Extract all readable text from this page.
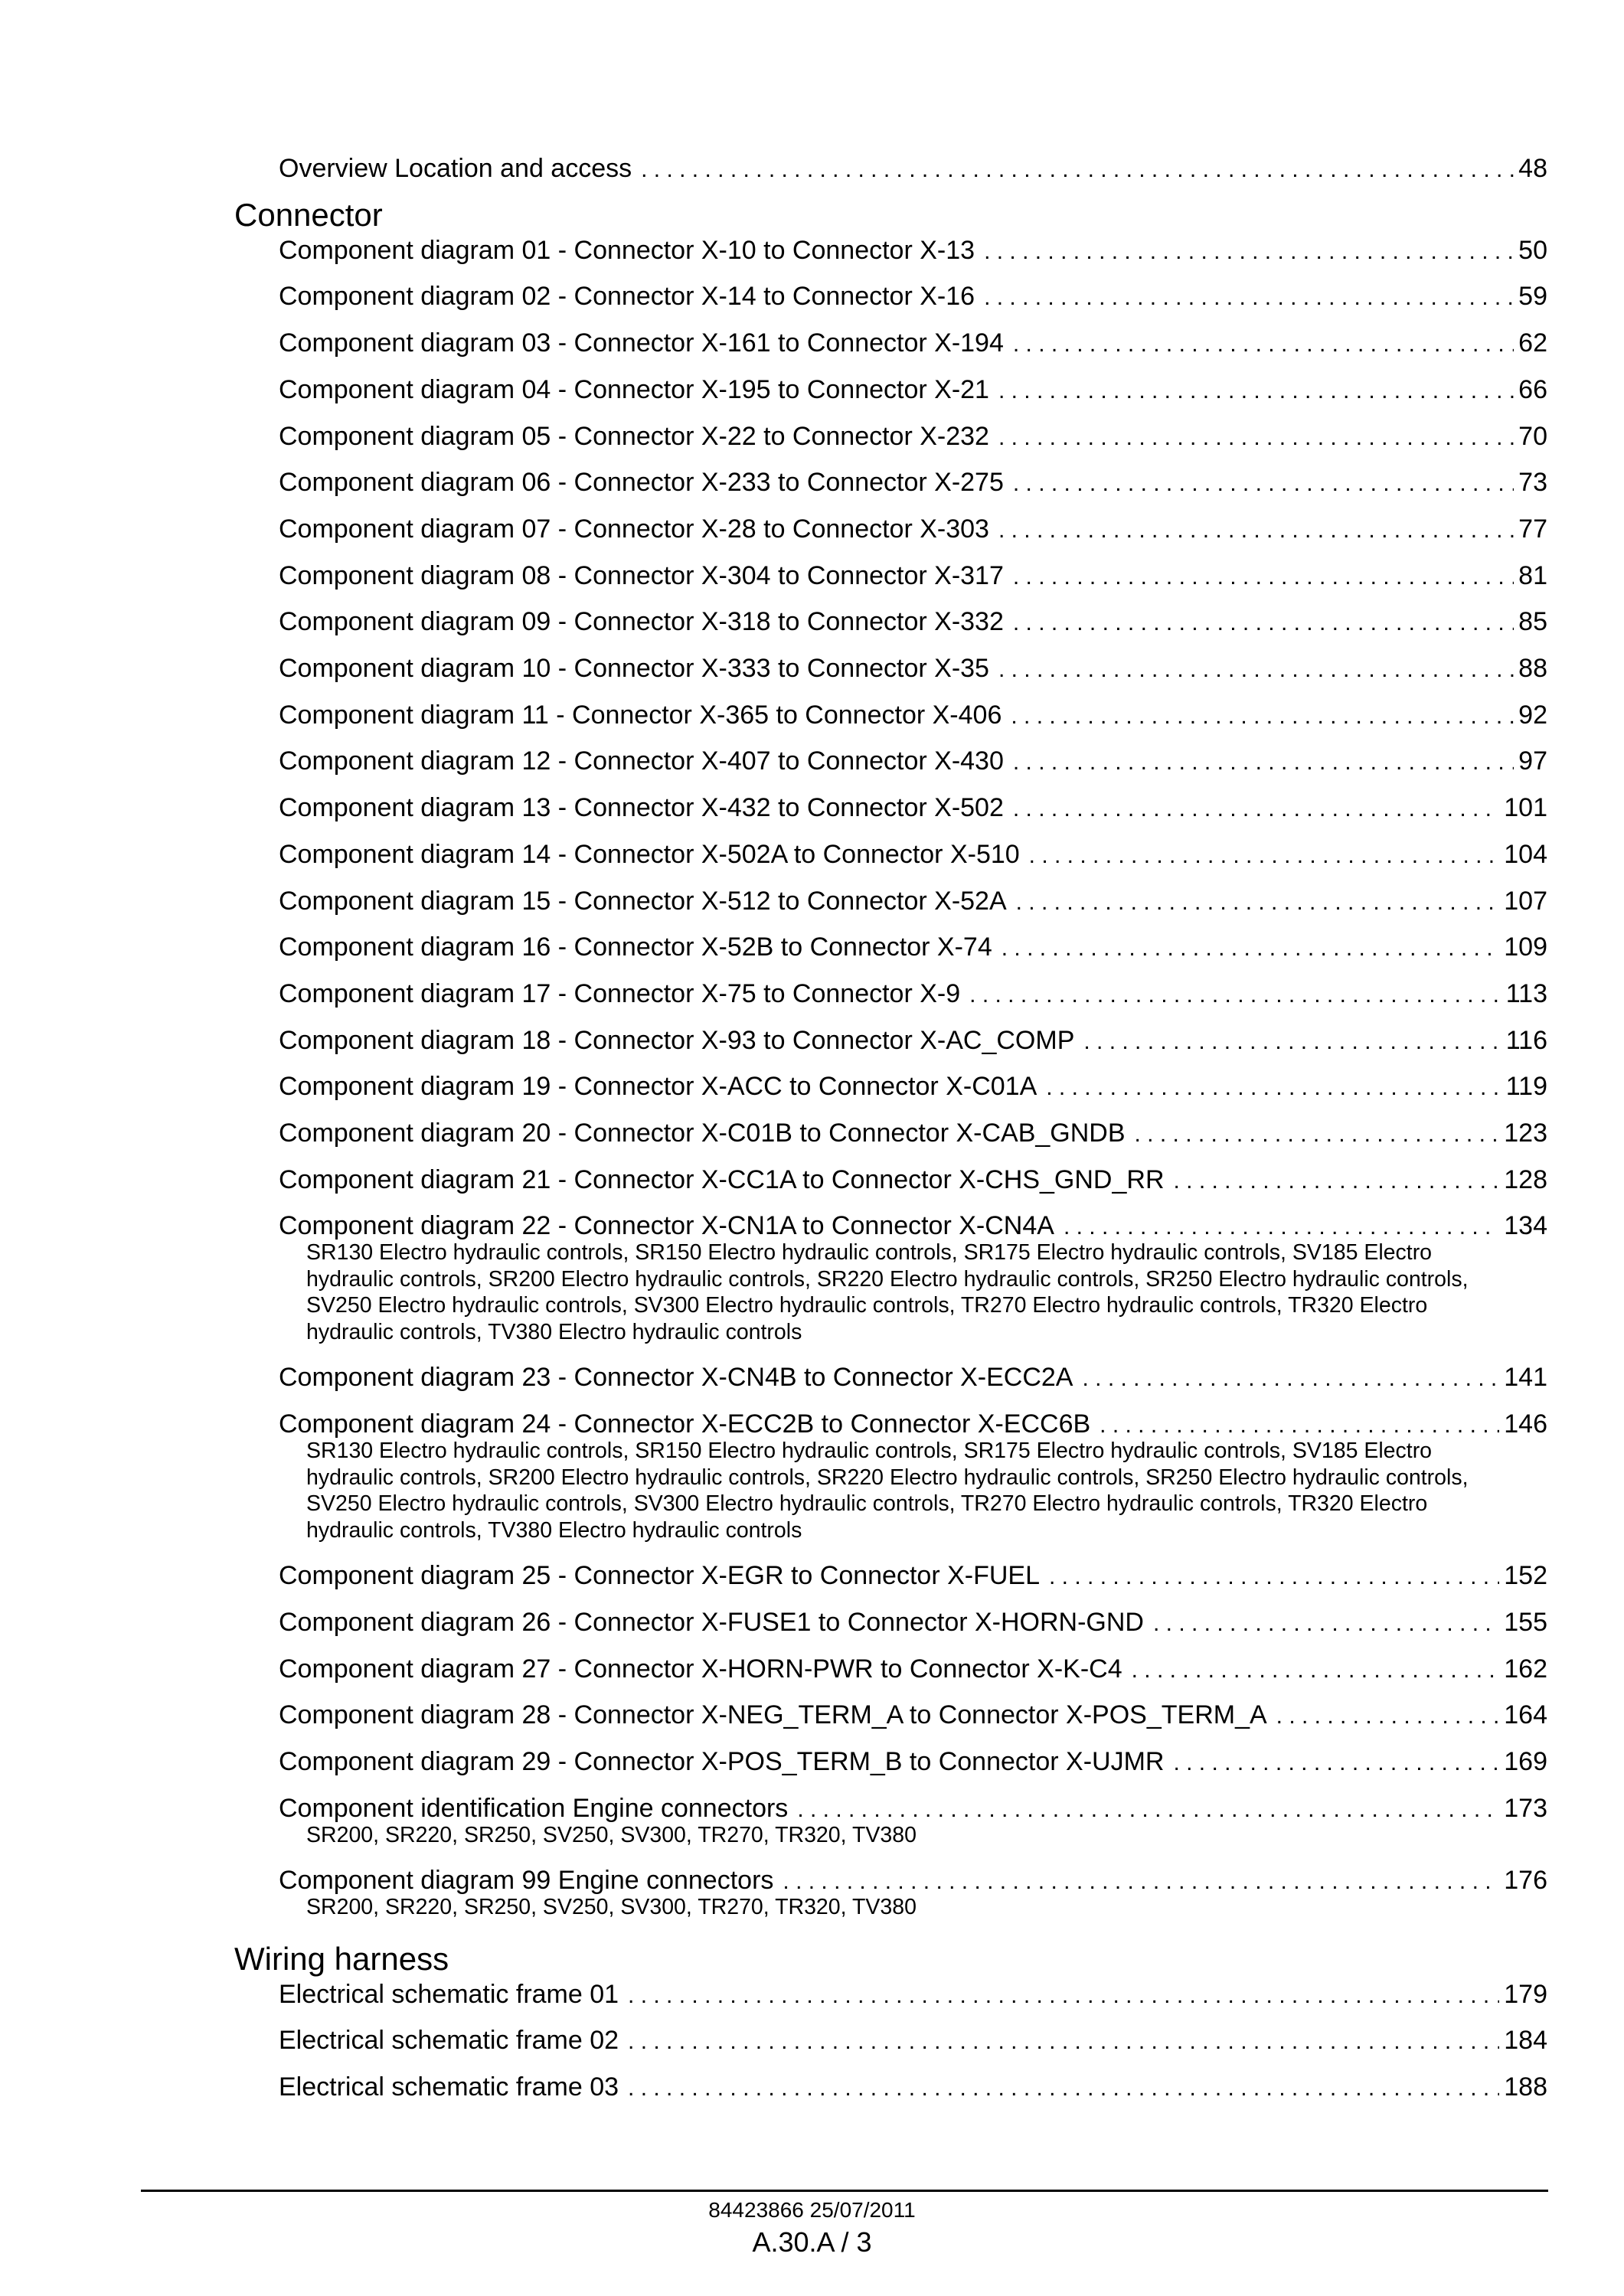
Overview Location and access . . .	48
Connector
Component diagram 01 - Connector X-10 to Connector X-13 . . .	50
Component diagram 02 - Connector X-14 to Connector X-16 . . .	59
Component diagram 03 - Connector X-161 to Connector X-194 . . .	62
Component diagram 04 - Connector X-195 to Connector X-21 . . .	66
Component diagram 05 - Connector X-22 to Connector X-232 . . .	70
Component diagram 06 - Connector X-233 to Connector X-275 . . .	73
Component diagram 07 - Connector X-28 to Connector X-303 . . .	77
Component diagram 08 - Connector X-304 to Connector X-317 . . .	81
Component diagram 09 - Connector X-318 to Connector X-332 . . .	85
Component diagram 10 - Connector X-333 to Connector X-35 . . .	88
Component diagram 11 - Connector X-365 to Connector X-406 . . .	92
Component diagram 12 - Connector X-407 to Connector X-430 . . .	97
Component diagram 13 - Connector X-432 to Connector X-502 . . .	101
Component diagram 14 - Connector X-502A to Connector X-510 . . .	104
Component diagram 15 - Connector X-512 to Connector X-52A . . .	107
Component diagram 16 - Connector X-52B to Connector X-74 . . .	109
Component diagram 17 - Connector X-75 to Connector X-9 . . .	113
Component diagram 18 - Connector X-93 to Connector X-AC_COMP . . .	116
Component diagram 19 - Connector X-ACC to Connector X-C01A . . .	119
Component diagram 20 - Connector X-C01B to Connector X-CAB_GNDB . . .	123
Component diagram 21 - Connector X-CC1A to Connector X-CHS_GND_RR . . .	128
Component diagram 22 - Connector X-CN1A to Connector X-CN4A . . .	134
SR130 Electro hydraulic controls, SR150 Electro hydraulic controls, SR175 Electro hydraulic controls, SV185 Electro
hydraulic controls, SR200 Electro hydraulic controls, SR220 Electro hydraulic controls, SR250 Electro hydraulic controls,
SV250 Electro hydraulic controls, SV300 Electro hydraulic controls, TR270 Electro hydraulic controls, TR320 Electro
hydraulic controls, TV380 Electro hydraulic controls
Component diagram 23 - Connector X-CN4B to Connector X-ECC2A . . .	141
Component diagram 24 - Connector X-ECC2B to Connector X-ECC6B . . .	146
SR130 Electro hydraulic controls, SR150 Electro hydraulic controls, SR175 Electro hydraulic controls, SV185 Electro
hydraulic controls, SR200 Electro hydraulic controls, SR220 Electro hydraulic controls, SR250 Electro hydraulic controls,
SV250 Electro hydraulic controls, SV300 Electro hydraulic controls, TR270 Electro hydraulic controls, TR320 Electro
hydraulic controls, TV380 Electro hydraulic controls
Component diagram 25 - Connector X-EGR to Connector X-FUEL . . .	152
Component diagram 26 - Connector X-FUSE1 to Connector X-HORN-GND . . .	155
Component diagram 27 - Connector X-HORN-PWR to Connector X-K-C4 . . .	162
Component diagram 28 - Connector X-NEG_TERM_A to Connector X-POS_TERM_A . . .	164
Component diagram 29 - Connector X-POS_TERM_B to Connector X-UJMR . . .	169
Component identification Engine connectors . . .	173
SR200, SR220, SR250, SV250, SV300, TR270, TR320, TV380
Component diagram 99 Engine connectors . . .	176
SR200, SR220, SR250, SV250, SV300, TR270, TR320, TV380
Wiring harness
Electrical schematic frame 01 . . .	179
Electrical schematic frame 02 . . .	184
Electrical schematic frame 03 . . .	188
84423866 25/07/2011
A.30.A / 3
